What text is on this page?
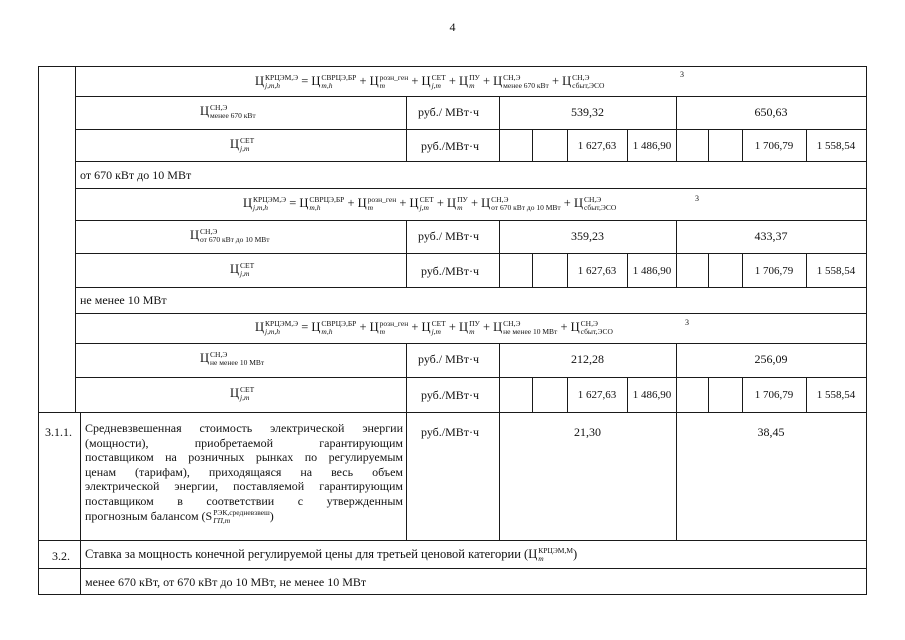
4
Ц КРЦЭМ,Э
j,m,h	= Ц СВРЦЭ,БР
m,h	+ Ц розн_ген
m	+ Ц СЕТ
j,m + Ц ПУ
m + Ц СН,Э
менее 670 кВт + Ц СН,Э
сбыт,ЭСО
3
Ц СН,Э
менее 670 кВт	руб./ МВт·ч	539,32	650,63
Ц СЕТ
j,m	руб./МВт·ч	1 627,63	1 486,90	1 706,79	1 558,54
от 670 кВт до 10 МВт
Ц КРЦЭМ,Э
j,m,h	= Ц СВРЦЭ,БР
m,h	+ Ц розн_ген
m	+ Ц СЕТ
j,m + Ц ПУ
m + Ц СН,Э
от 670 кВт до 10 МВт + Ц СН,Э
сбыт,ЭСО
3
Ц СН,Э
от 670 кВт до 10 МВт	руб./ МВт·ч	359,23	433,37
Ц СЕТ
j,m	руб./МВт·ч	1 627,63	1 486,90	1 706,79	1 558,54
не менее 10 МВт
Ц КРЦЭМ,Э
j,m,h	= Ц СВРЦЭ,БР
m,h	+ Ц розн_ген
m	+ Ц СЕТ
j,m + Ц ПУ
m + Ц СН,Э
не менее 10 МВт + Ц СН,Э
сбыт,ЭСО
3
Ц СН,Э
не менее 10 МВт	руб./ МВт·ч	212,28	256,09
Ц СЕТ
j,m	руб./МВт·ч	1 627,63	1 486,90	1 706,79	1 558,54
3.1.1. Средневзвешенная стоимость электрической энергии
(мощности), приобретаемой гарантирующим
поставщиком на розничных рынках по регулируемым
ценам (тарифам), приходящаяся на весь объем
электрической энергии, поставляемой гарантирующим
поставщиком в соответствии с утвержденным
прогнозным балансом (S РЭК,средневзвеш
ГП,m	)
руб./МВт·ч	21,30	38,45
3.2. Ставка за мощность конечной регулируемой цены для третьей ценовой категории (Ц КРЦЭМ,М
m	)
менее 670 кВт, от 670 кВт до 10 МВт, не менее 10 МВт
